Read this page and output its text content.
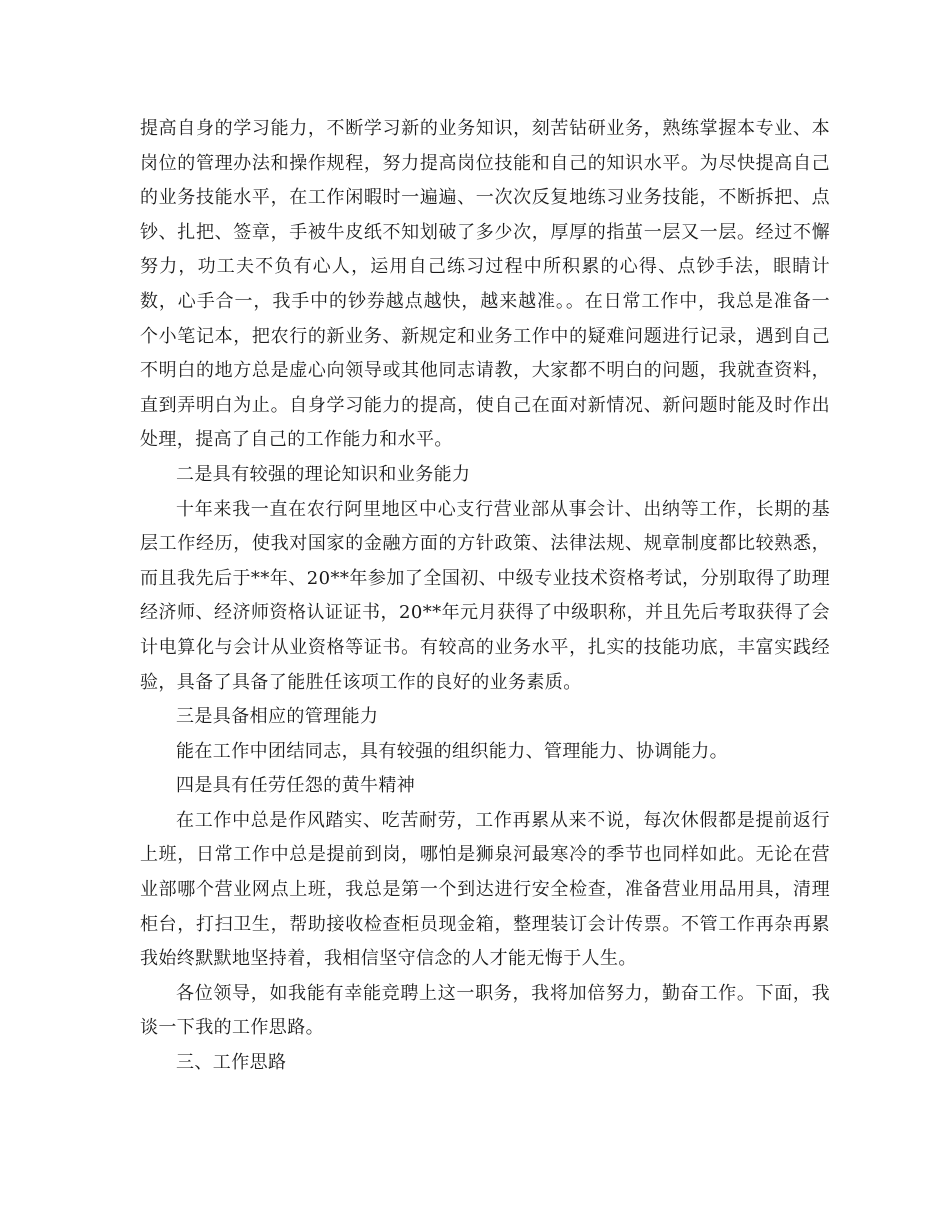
提高自身的学习能力，不断学习新的业务知识，刻苦钻研业务，熟练掌握本专业、本岗位的管理办法和操作规程，努力提高岗位技能和自己的知识水平。为尽快提高自己的业务技能水平，在工作闲暇时一遍遍、一次次反复地练习业务技能，不断拆把、点钞、扎把、签章，手被牛皮纸不知划破了多少次，厚厚的指茧一层又一层。经过不懈努力，功工夫不负有心人，运用自己练习过程中所积累的心得、点钞手法，眼睛计数，心手合一，我手中的钞券越点越快，越来越准。。在日常工作中，我总是准备一个小笔记本，把农行的新业务、新规定和业务工作中的疑难问题进行记录，遇到自己不明白的地方总是虚心向领导或其他同志请教，大家都不明白的问题，我就查资料，直到弄明白为止。自身学习能力的提高，使自己在面对新情况、新问题时能及时作出处理，提高了自己的工作能力和水平。

二是具有较强的理论知识和业务能力

十年来我一直在农行阿里地区中心支行营业部从事会计、出纳等工作，长期的基层工作经历，使我对国家的金融方面的方针政策、法律法规、规章制度都比较熟悉，而且我先后于**年、20**年参加了全国初、中级专业技术资格考试，分别取得了助理经济师、经济师资格认证证书，20**年元月获得了中级职称，并且先后考取获得了会计电算化与会计从业资格等证书。有较高的业务水平，扎实的技能功底，丰富实践经验，具备了具备了能胜任该项工作的良好的业务素质。

三是具备相应的管理能力

能在工作中团结同志，具有较强的组织能力、管理能力、协调能力。

四是具有任劳任怨的黄牛精神

在工作中总是作风踏实、吃苦耐劳，工作再累从来不说，每次休假都是提前返行上班，日常工作中总是提前到岗，哪怕是狮泉河最寒冷的季节也同样如此。无论在营业部哪个营业网点上班，我总是第一个到达进行安全检查，准备营业用品用具，清理柜台，打扫卫生，帮助接收检查柜员现金箱，整理装订会计传票。不管工作再杂再累我始终默默地坚持着，我相信坚守信念的人才能无悔于人生。

各位领导，如我能有幸能竞聘上这一职务，我将加倍努力，勤奋工作。下面，我谈一下我的工作思路。

三、工作思路
